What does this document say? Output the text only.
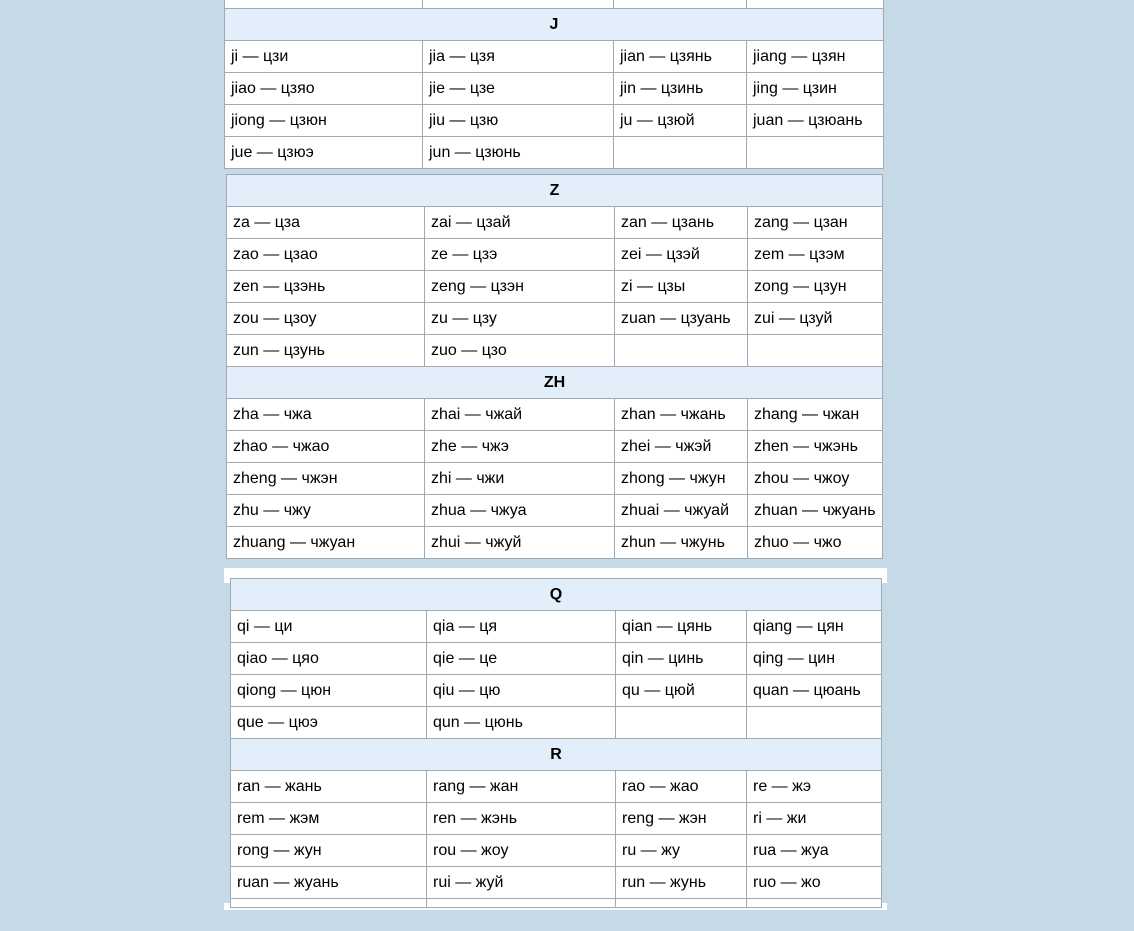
J			
ji — цзи	jia — цзя	jian — цзянь	jiang — цзян
jiao — цзяо	jie — цзе	jin — цзинь	jing — цзин
jiong — цзюн	jiu — цзю	ju — цзюй	juan — цзюань
jue — цзюэ	jun — цзюнь		
Z			
za — цза	zai — цзай	zan — цзань	zang — цзан
zao — цзао	ze — цзэ	zei — цзэй	zem — цзэм
zen — цзэнь	zeng — цзэн	zi — цзы	zong — цзун
zou — цзоу	zu — цзу	zuan — цзуань	zui — цзуй
zun — цзунь	zuo — цзо		
ZH			
zha — чжа	zhai — чжай	zhan — чжань	zhang — чжан
zhao — чжао	zhe — чжэ	zhei — чжэй	zhen — чжэнь
zheng — чжэн	zhi — чжи	zhong — чжун	zhou — чжоу
zhu — чжу	zhua — чжуа	zhuai — чжуай	zhuan — чжуань
zhuang — чжуан	zhui — чжуй	zhun — чжунь	zhuo — чжо
Q			
qi — ци	qia — ця	qian — цянь	qiang — цян
qiao — цяо	qie — це	qin — цинь	qing — цин
qiong — цюн	qiu — цю	qu — цюй	quan — цюань
que — цюэ	qun — цюнь		
R			
ran — жань	rang — жан	rao — жао	re — жэ
rem — жэм	ren — жэнь	reng — жэн	ri — жи
rong — жун	rou — жоу	ru — жу	rua — жуа
ruan — жуань	rui — жуй	run — жунь	ruo — жо
